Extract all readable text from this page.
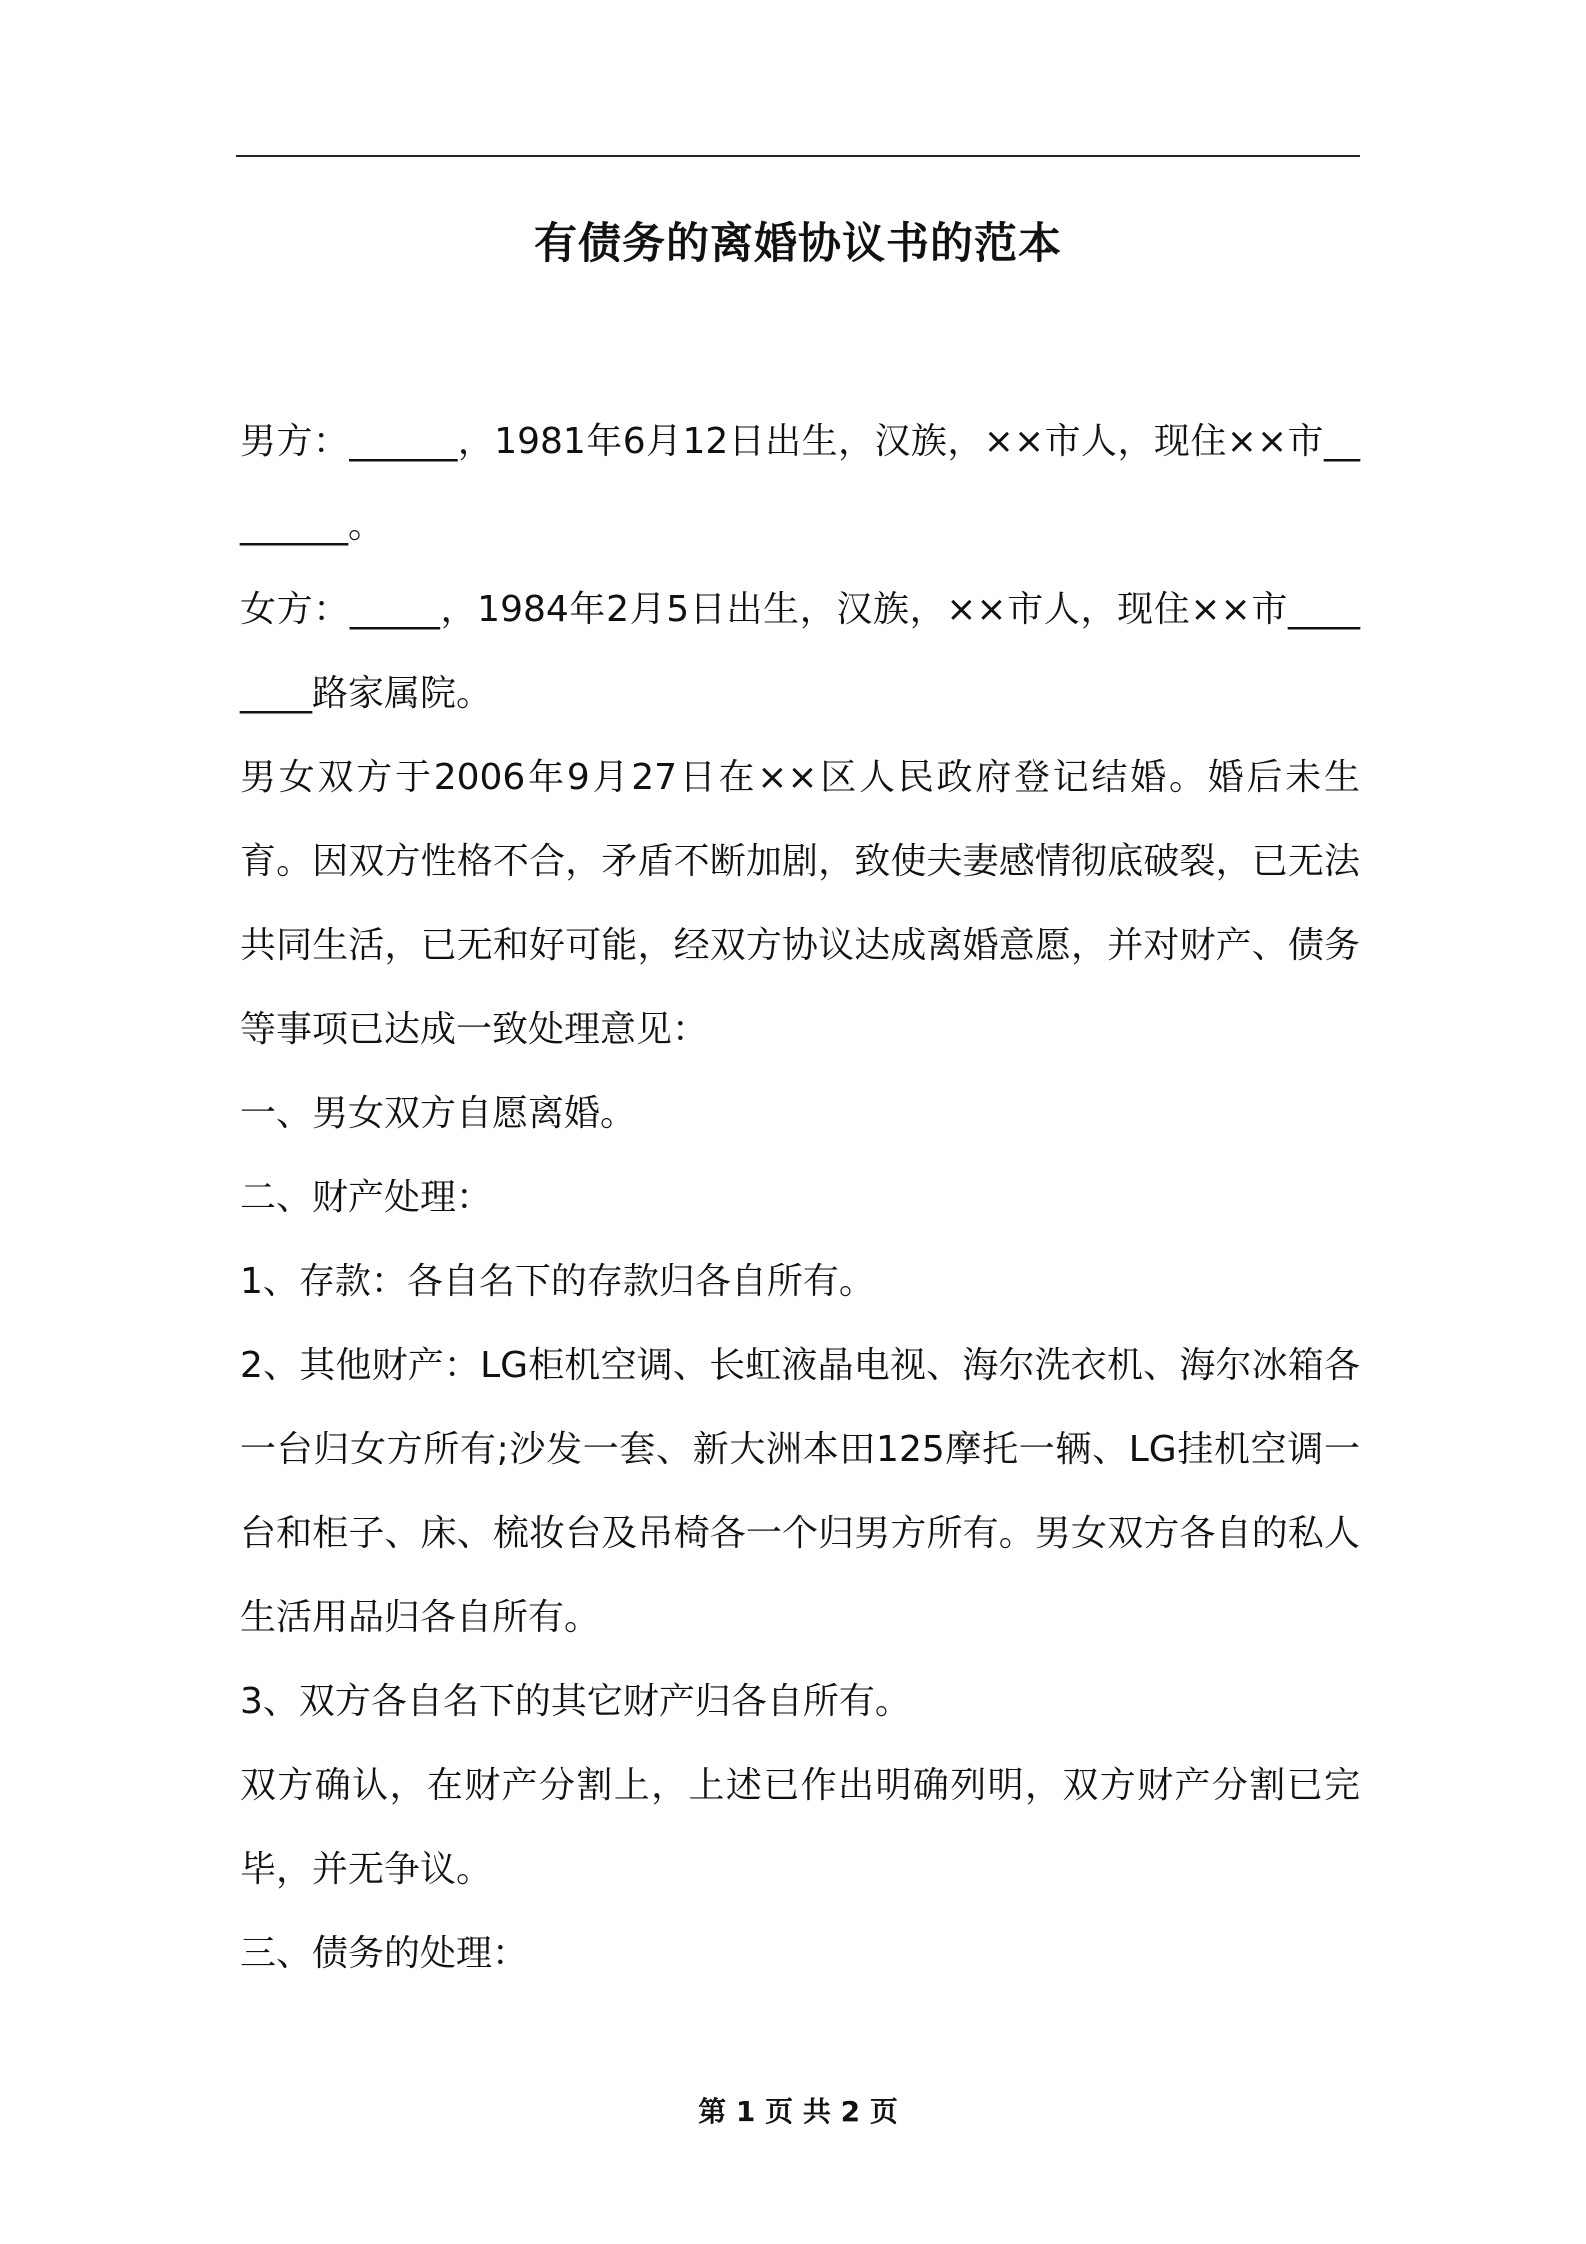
有债务的离婚协议书的范本

男方：______，1981年6月12日出生，汉族，××市人，现住××市________。

女方：_____，1984年2月5日出生，汉族，××市人，现住××市________路家属院。

男女双方于2006年9月27日在××区人民政府登记结婚。婚后未生育。因双方性格不合，矛盾不断加剧，致使夫妻感情彻底破裂，已无法共同生活，已无和好可能，经双方协议达成离婚意愿，并对财产、债务等事项已达成一致处理意见：

一、男女双方自愿离婚。

二、财产处理：

1、存款：各自名下的存款归各自所有。

2、其他财产：LG柜机空调、长虹液晶电视、海尔洗衣机、海尔冰箱各一台归女方所有;沙发一套、新大洲本田125摩托一辆、LG挂机空调一台和柜子、床、梳妆台及吊椅各一个归男方所有。男女双方各自的私人生活用品归各自所有。

3、双方各自名下的其它财产归各自所有。

双方确认，在财产分割上，上述已作出明确列明，双方财产分割已完毕，并无争议。

三、债务的处理：

第 1 页 共 2 页
